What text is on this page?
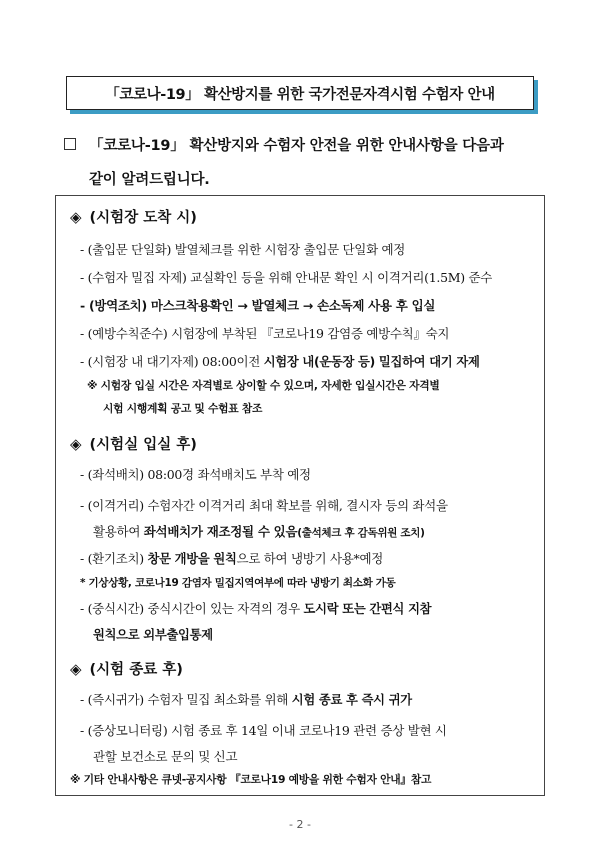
「코로나-19」 확산방지를 위한 국가전문자격시험 수험자 안내
「코로나-19」 확산방지와 수험자 안전을 위한 안내사항을 다음과
같이 알려드립니다.
◈ (시험장 도착 시)
- (출입문 단일화) 발열체크를 위한 시험장 출입문 단일화 예정
- (수험자 밀집 자제) 교실확인 등을 위해 안내문 확인 시 이격거리(1.5M) 준수
- (방역조치) 마스크착용확인 → 발열체크 → 손소독제 사용 후 입실
- (예방수칙준수) 시험장에 부착된 『코로나19 감염증 예방수칙』숙지
- (시험장 내 대기자제) 08:00이전 시험장 내(운동장 등) 밀집하여 대기 자제
※ 시험장 입실 시간은 자격별로 상이할 수 있으며, 자세한 입실시간은 자격별
시험 시행계획 공고 및 수험표 참조
◈ (시험실 입실 후)
- (좌석배치) 08:00경 좌석배치도 부착 예정
- (이격거리) 수험자간 이격거리 최대 확보를 위해, 결시자 등의 좌석을
활용하여 좌석배치가 재조정될 수 있음(출석체크 후 감독위원 조치)
- (환기조치) 창문 개방을 원칙으로 하여 냉방기 사용*예정
* 기상상황, 코로나19 감염자 밀집지역여부에 따라 냉방기 최소화 가동
- (중식시간) 중식시간이 있는 자격의 경우 도시락 또는 간편식 지참
원칙으로 외부출입통제
◈ (시험 종료 후)
- (즉시귀가) 수험자 밀집 최소화를 위해 시험 종료 후 즉시 귀가
- (증상모니터링) 시험 종료 후 14일 이내 코로나19 관련 증상 발현 시
관할 보건소로 문의 및 신고
※ 기타 안내사항은 큐넷-공지사항 『코로나19 예방을 위한 수험자 안내』참고
- 2 -
